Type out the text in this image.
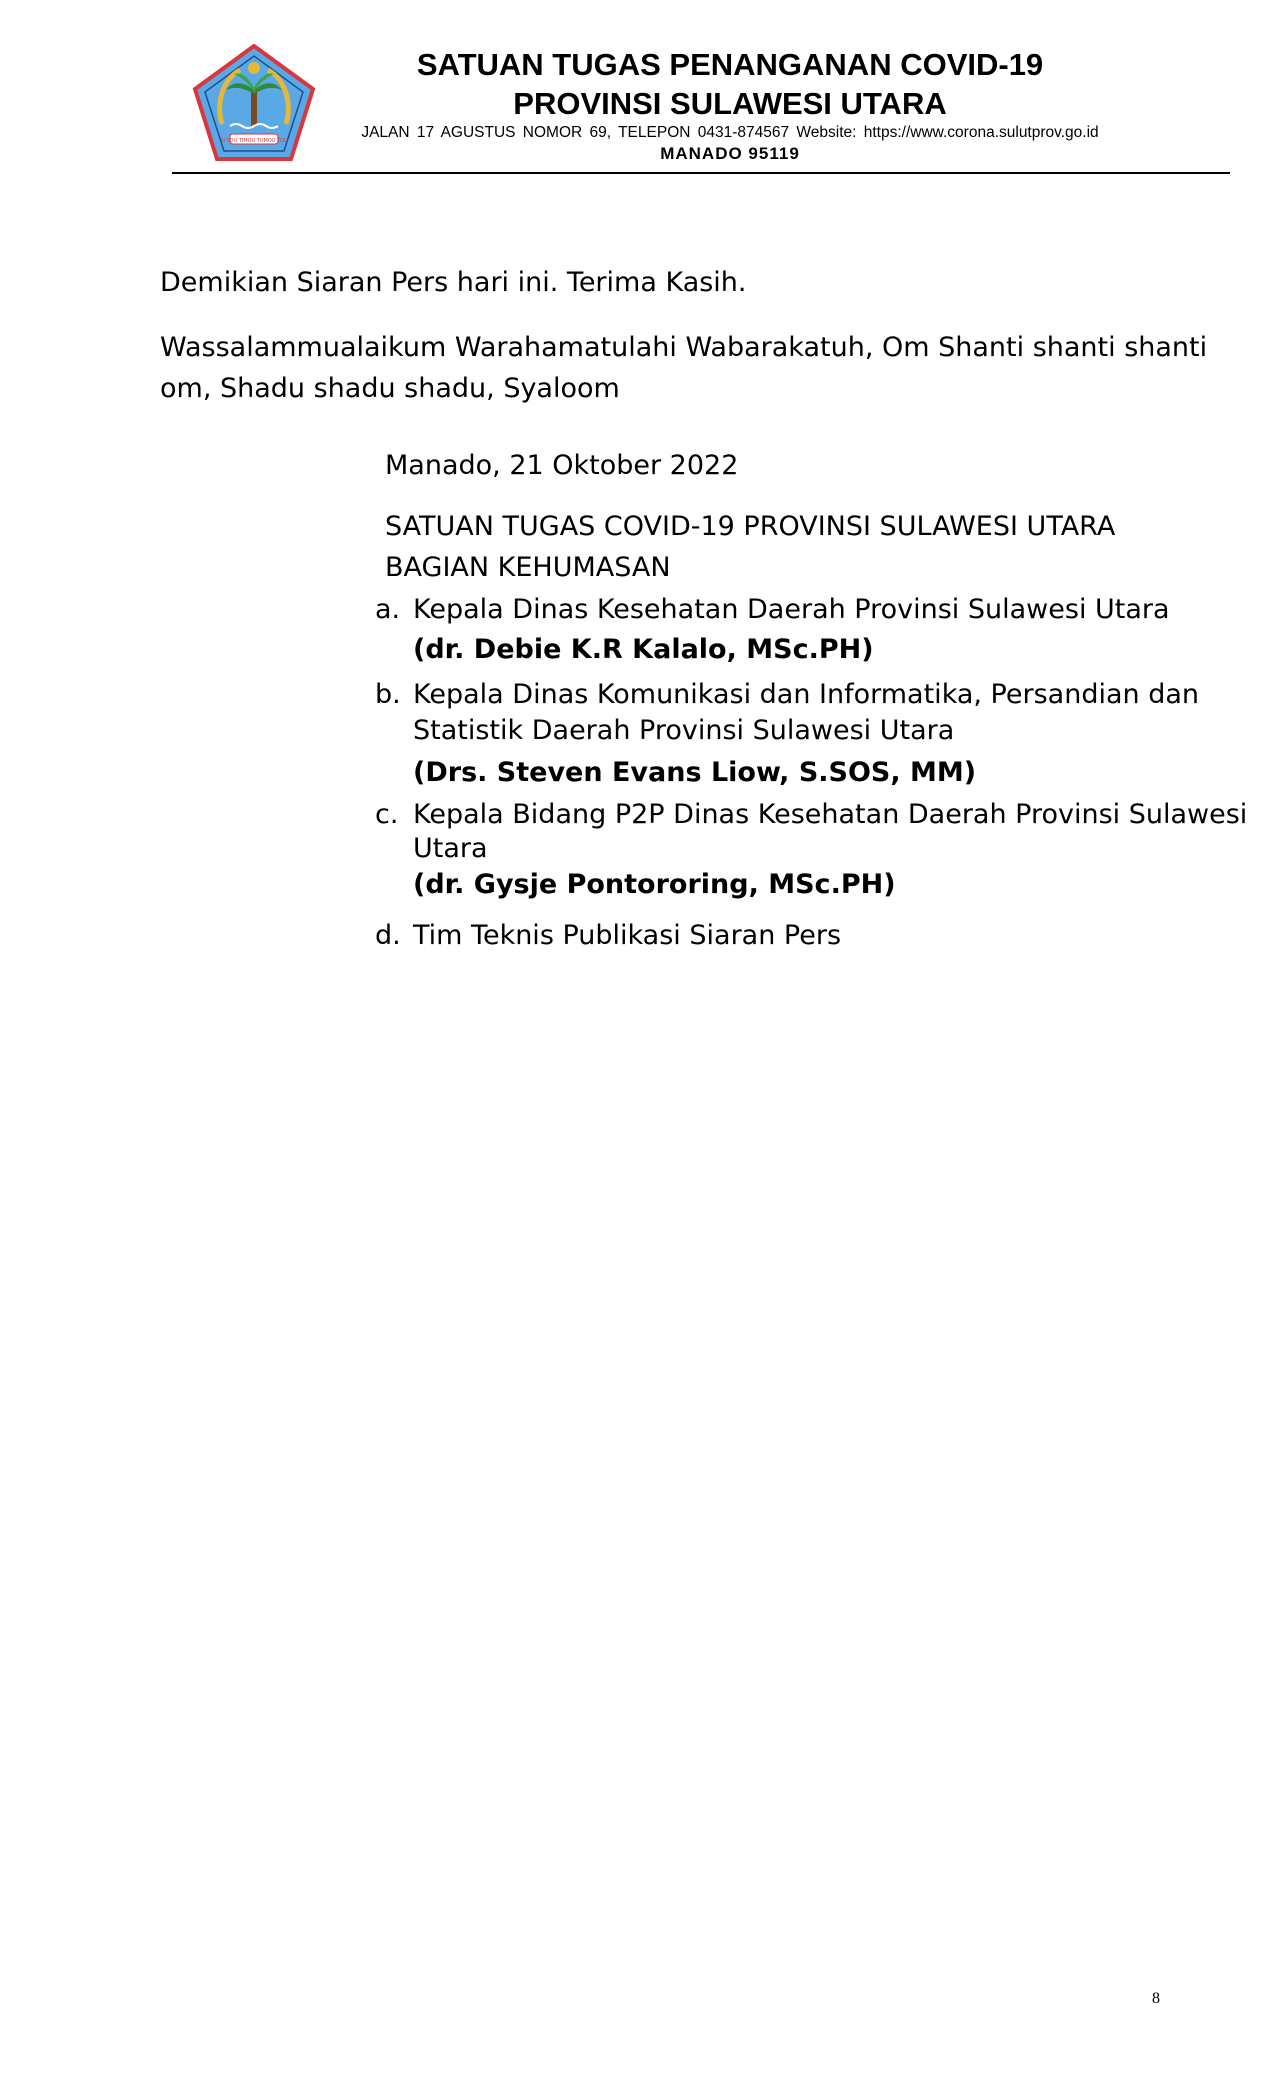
SI TOU TIMOU TUMOU TOU
SATUAN TUGAS PENANGANAN COVID-19
PROVINSI SULAWESI UTARA
JALAN 17 AGUSTUS NOMOR 69, TELEPON 0431-874567 Website: https://www.corona.sulutprov.go.id
MANADO 95119
Demikian Siaran Pers hari ini. Terima Kasih.
Wassalammualaikum Warahamatulahi Wabarakatuh, Om Shanti shanti shanti
om, Shadu shadu shadu, Syaloom
Manado, 21 Oktober 2022
SATUAN TUGAS COVID-19 PROVINSI SULAWESI UTARA
BAGIAN KEHUMASAN
a. Kepala Dinas Kesehatan Daerah Provinsi Sulawesi Utara
(dr. Debie K.R Kalalo, MSc.PH)
b. Kepala Dinas Komunikasi dan Informatika, Persandian dan
Statistik Daerah Provinsi Sulawesi Utara
(Drs. Steven Evans Liow, S.SOS, MM)
c. Kepala Bidang P2P Dinas Kesehatan Daerah Provinsi Sulawesi
Utara
(dr. Gysje Pontororing, MSc.PH)
d. Tim Teknis Publikasi Siaran Pers
8
